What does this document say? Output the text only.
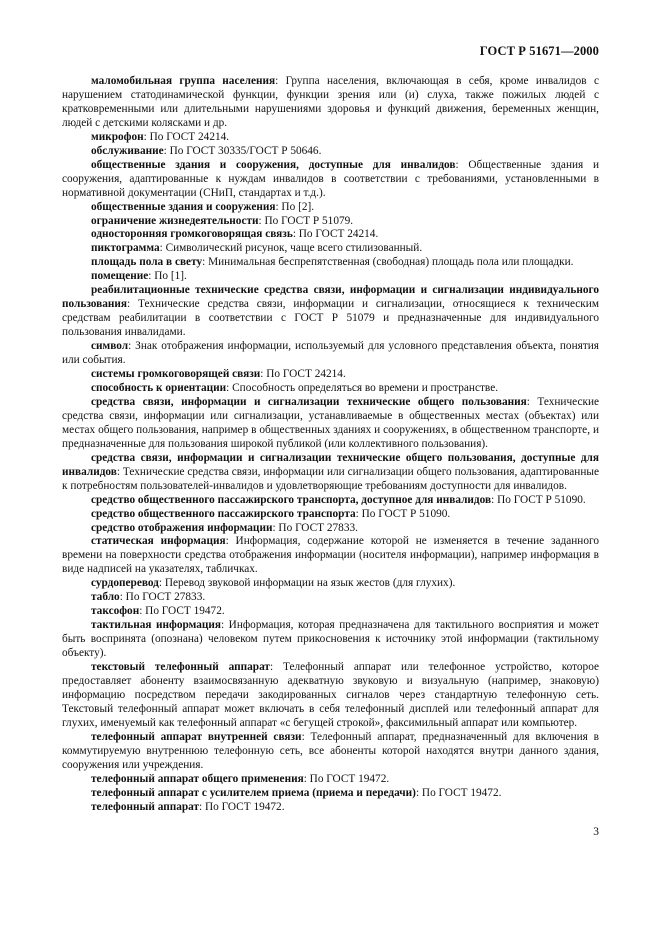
ГОСТ Р 51671—2000

маломобильная группа населения: Группа населения, включающая в себя, кроме инвалидов с нарушением статодинамической функции, функции зрения или (и) слуха, также пожилых людей с кратковременными или длительными нарушениями здоровья и функций движения, беременных женщин, людей с детскими колясками и др.

микрофон: По ГОСТ 24214.

обслуживание: По ГОСТ 30335/ГОСТ Р 50646.

общественные здания и сооружения, доступные для инвалидов: Общественные здания и сооружения, адаптированные к нуждам инвалидов в соответствии с требованиями, установленными в нормативной документации (СНиП, стандартах и т.д.).

общественные здания и сооружения: По [2].

ограничение жизнедеятельности: По ГОСТ Р 51079.

односторонняя громкоговорящая связь: По ГОСТ 24214.

пиктограмма: Символический рисунок, чаще всего стилизованный.

площадь пола в свету: Минимальная беспрепятственная (свободная) площадь пола или площадки.

помещение: По [1].

реабилитационные технические средства связи, информации и сигнализации индивидуального пользования: Технические средства связи, информации и сигнализации, относящиеся к техническим средствам реабилитации в соответствии с ГОСТ Р 51079 и предназначенные для индивидуального пользования инвалидами.

символ: Знак отображения информации, используемый для условного представления объекта, понятия или события.

системы громкоговорящей связи: По ГОСТ 24214.

способность к ориентации: Способность определяться во времени и пространстве.

средства связи, информации и сигнализации технические общего пользования: Технические средства связи, информации или сигнализации, устанавливаемые в общественных местах (объектах) или местах общего пользования, например в общественных зданиях и сооружениях, в общественном транспорте, и предназначенные для пользования широкой публикой (или коллективного пользования).

средства связи, информации и сигнализации технические общего пользования, доступные для инвалидов: Технические средства связи, информации или сигнализации общего пользования, адаптированные к потребностям пользователей-инвалидов и удовлетворяющие требованиям доступности для инвалидов.

средство общественного пассажирского транспорта, доступное для инвалидов: По ГОСТ Р 51090.

средство общественного пассажирского транспорта: По ГОСТ Р 51090.

средство отображения информации: По ГОСТ 27833.

статическая информация: Информация, содержание которой не изменяется в течение заданного времени на поверхности средства отображения информации (носителя информации), например информация в виде надписей на указателях, табличках.

сурдоперевод: Перевод звуковой информации на язык жестов (для глухих).

табло: По ГОСТ 27833.

таксофон: По ГОСТ 19472.

тактильная информация: Информация, которая предназначена для тактильного восприятия и может быть воспринята (опознана) человеком путем прикосновения к источнику этой информации (тактильному объекту).

текстовый телефонный аппарат: Телефонный аппарат или телефонное устройство, которое предоставляет абоненту взаимосвязанную адекватную звуковую и визуальную (например, знаковую) информацию посредством передачи закодированных сигналов через стандартную телефонную сеть. Текстовый телефонный аппарат может включать в себя телефонный дисплей или телефонный аппарат для глухих, именуемый как телефонный аппарат «с бегущей строкой», факсимильный аппарат или компьютер.

телефонный аппарат внутренней связи: Телефонный аппарат, предназначенный для включения в коммутируемую внутреннюю телефонную сеть, все абоненты которой находятся внутри данного здания, сооружения или учреждения.

телефонный аппарат общего применения: По ГОСТ 19472.

телефонный аппарат с усилителем приема (приема и передачи): По ГОСТ 19472.

телефонный аппарат: По ГОСТ 19472.

3
